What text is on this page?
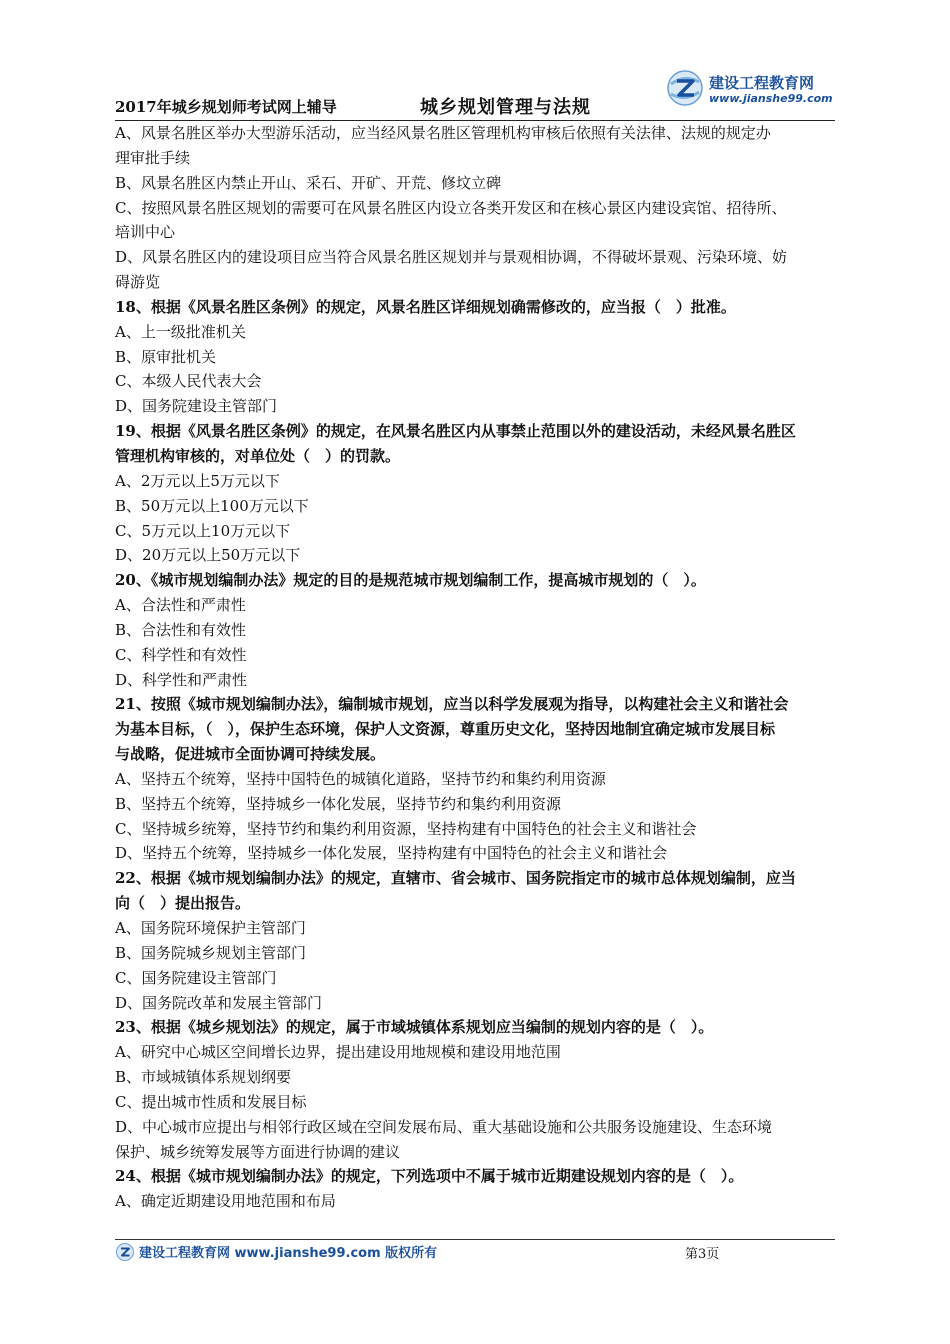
2017年城乡规划师考试网上辅导	城乡规划管理与法规
建设工程教育网
www.jianshe99.com
A、风景名胜区举办大型游乐活动，应当经风景名胜区管理机构审核后依照有关法律、法规的规定办
理审批手续
B、风景名胜区内禁止开山、采石、开矿、开荒、修坟立碑
C、按照风景名胜区规划的需要可在风景名胜区内设立各类开发区和在核心景区内建设宾馆、招待所、
培训中心
D、风景名胜区内的建设项目应当符合风景名胜区规划并与景观相协调，不得破坏景观、污染环境、妨
碍游览
18、根据《风景名胜区条例》的规定，风景名胜区详细规划确需修改的，应当报（　）批准。
A、上一级批准机关
B、原审批机关
C、本级人民代表大会
D、国务院建设主管部门
19、根据《风景名胜区条例》的规定，在风景名胜区内从事禁止范围以外的建设活动，未经风景名胜区
管理机构审核的，对单位处（　）的罚款。
A、2万元以上5万元以下
B、50万元以上100万元以下
C、5万元以上10万元以下
D、20万元以上50万元以下
20、《城市规划编制办法》规定的目的是规范城市规划编制工作，提高城市规划的（　）。
A、合法性和严肃性
B、合法性和有效性
C、科学性和有效性
D、科学性和严肃性
21、按照《城市规划编制办法》，编制城市规划，应当以科学发展观为指导，以构建社会主义和谐社会
为基本目标，（　），保护生态环境，保护人文资源，尊重历史文化，坚持因地制宜确定城市发展目标
与战略，促进城市全面协调可持续发展。
A、坚持五个统筹，坚持中国特色的城镇化道路，坚持节约和集约利用资源
B、坚持五个统筹，坚持城乡一体化发展，坚持节约和集约利用资源
C、坚持城乡统筹，坚持节约和集约利用资源，坚持构建有中国特色的社会主义和谐社会
D、坚持五个统筹，坚持城乡一体化发展，坚持构建有中国特色的社会主义和谐社会
22、根据《城市规划编制办法》的规定，直辖市、省会城市、国务院指定市的城市总体规划编制，应当
向（　）提出报告。
A、国务院环境保护主管部门
B、国务院城乡规划主管部门
C、国务院建设主管部门
D、国务院改革和发展主管部门
23、根据《城乡规划法》的规定，属于市域城镇体系规划应当编制的规划内容的是（　）。
A、研究中心城区空间增长边界，提出建设用地规模和建设用地范围
B、市域城镇体系规划纲要
C、提出城市性质和发展目标
D、中心城市应提出与相邻行政区域在空间发展布局、重大基础设施和公共服务设施建设、生态环境
保护、城乡统筹发展等方面进行协调的建议
24、根据《城市规划编制办法》的规定，下列选项中不属于城市近期建设规划内容的是（　）。
A、确定近期建设用地范围和布局
建设工程教育网 www.jianshe99.com 版权所有	第3页
